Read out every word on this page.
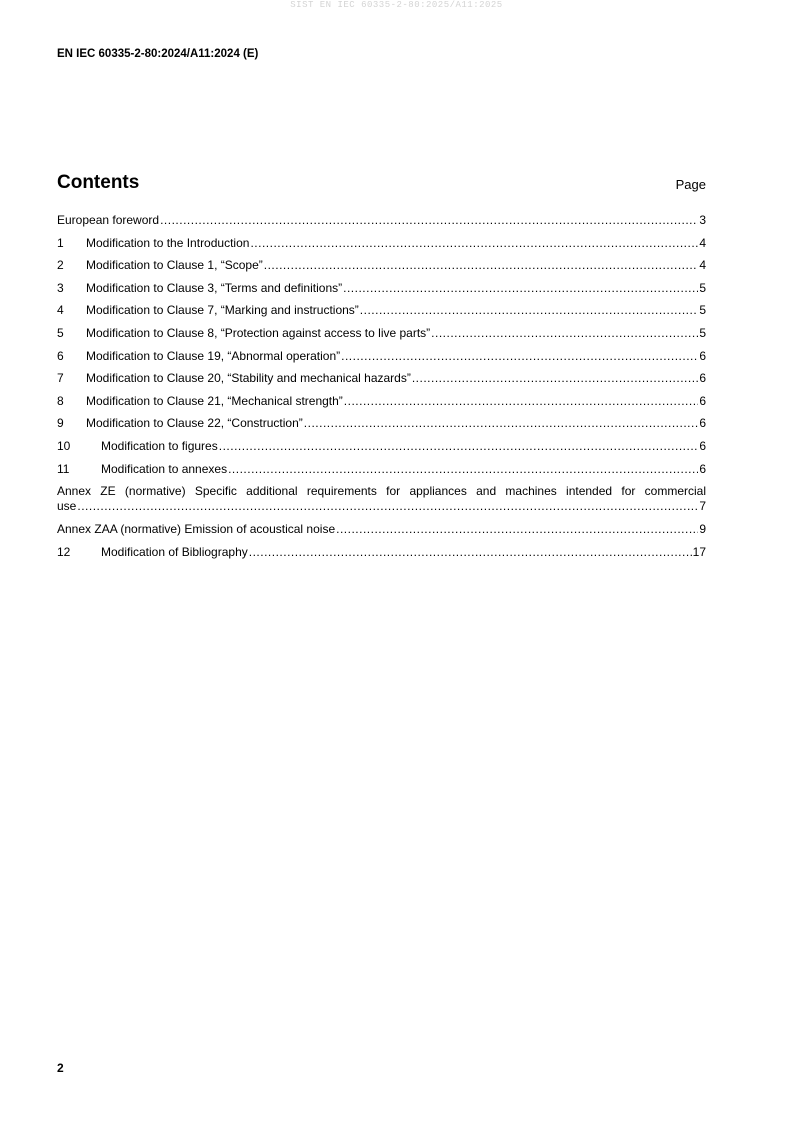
SIST EN IEC 60335-2-80:2025/A11:2025
EN IEC 60335-2-80:2024/A11:2024 (E)
Contents	Page
European foreword .....	3
1	Modification to the Introduction .....	4
2	Modification to Clause 1, “Scope” .....	4
3	Modification to Clause 3, “Terms and definitions” .....	5
4	Modification to Clause 7, “Marking and instructions” .....	5
5	Modification to Clause 8, “Protection against access to live parts” .....	5
6	Modification to Clause 19, “Abnormal operation” .....	6
7	Modification to Clause 20, “Stability and mechanical hazards” .....	6
8	Modification to Clause 21, “Mechanical strength” .....	6
9	Modification to Clause 22, “Construction” .....	6
10	Modification to figures .....	6
11	Modification to annexes .....	6
Annex ZE (normative) Specific additional requirements for appliances and machines intended for commercial
use .....	7
Annex ZAA (normative) Emission of acoustical noise .....	9
12	Modification of Bibliography .....	17
2
